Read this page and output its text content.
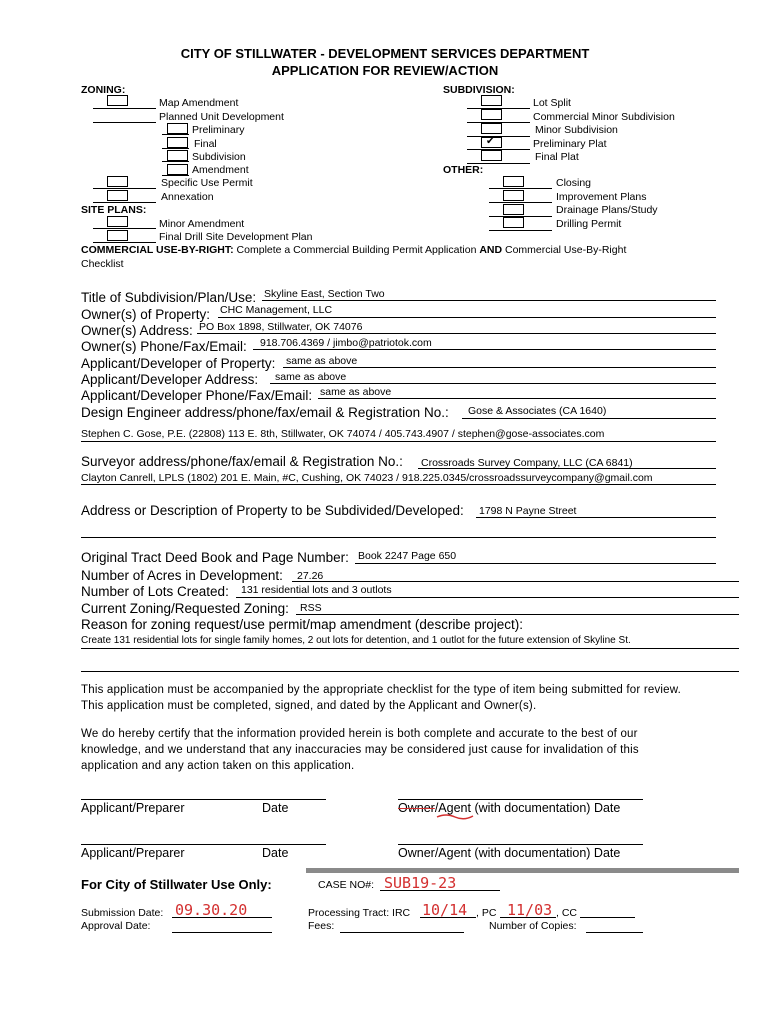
CITY OF STILLWATER - DEVELOPMENT SERVICES DEPARTMENT
APPLICATION FOR REVIEW/ACTION
ZONING:
Map Amendment
Planned Unit Development
Preliminary
Final
Subdivision
Amendment
Specific Use Permit
Annexation
SITE PLANS:
Minor Amendment
Final Drill Site Development Plan
SUBDIVISION:
Lot Split
Commercial Minor Subdivision
Minor Subdivision
✔	Preliminary Plat
Final Plat
OTHER:
Closing
Improvement Plans
Drainage Plans/Study
Drilling Permit
COMMERCIAL USE-BY-RIGHT: Complete a Commercial Building Permit Application AND Commercial Use-By-Right
Checklist
Title of Subdivision/Plan/Use: Skyline East, Section Two
Owner(s) of Property: CHC Management, LLC
Owner(s) Address: PO Box 1898, Stillwater, OK 74076
Owner(s) Phone/Fax/Email: 918.706.4369 / jimbo@patriotok.com
Applicant/Developer of Property: same as above
Applicant/Developer Address: same as above
Applicant/Developer Phone/Fax/Email: same as above
Design Engineer address/phone/fax/email & Registration No.: Gose & Associates (CA 1640)
Stephen C. Gose, P.E. (22808) 113 E. 8th, Stillwater, OK 74074 / 405.743.4907 / stephen@gose-associates.com
Surveyor address/phone/fax/email & Registration No.: Crossroads Survey Company, LLC (CA 6841)
Clayton Canrell, LPLS (1802) 201 E. Main, #C, Cushing, OK 74023 / 918.225.0345/crossroadssurveycompany@gmail.com
Address or Description of Property to be Subdivided/Developed: 1798 N Payne Street
Original Tract Deed Book and Page Number: Book 2247 Page 650
Number of Acres in Development: 27.26
Number of Lots Created: 131 residential lots and 3 outlots
Current Zoning/Requested Zoning: RSS
Reason for zoning request/use permit/map amendment (describe project):
Create 131 residential lots for single family homes, 2 out lots for detention, and 1 outlot for the future extension of Skyline St.
This application must be accompanied by the appropriate checklist for the type of item being submitted for review. This application must be completed, signed, and dated by the Applicant and Owner(s).
We do hereby certify that the information provided herein is both complete and accurate to the best of our knowledge, and we understand that any inaccuracies may be considered just cause for invalidation of this application and any action taken on this application.
Applicant/Preparer	Date	Owner/Agent (with documentation) Date
Applicant/Preparer	Date	Owner/Agent (with documentation) Date
For City of Stillwater Use Only:	CASE NO#: SUB19-23
Submission Date: 09.30.20
Approval Date:
Processing Tract: IRC 10/14 , PC 11/03 , CC
Fees:	Number of Copies:
